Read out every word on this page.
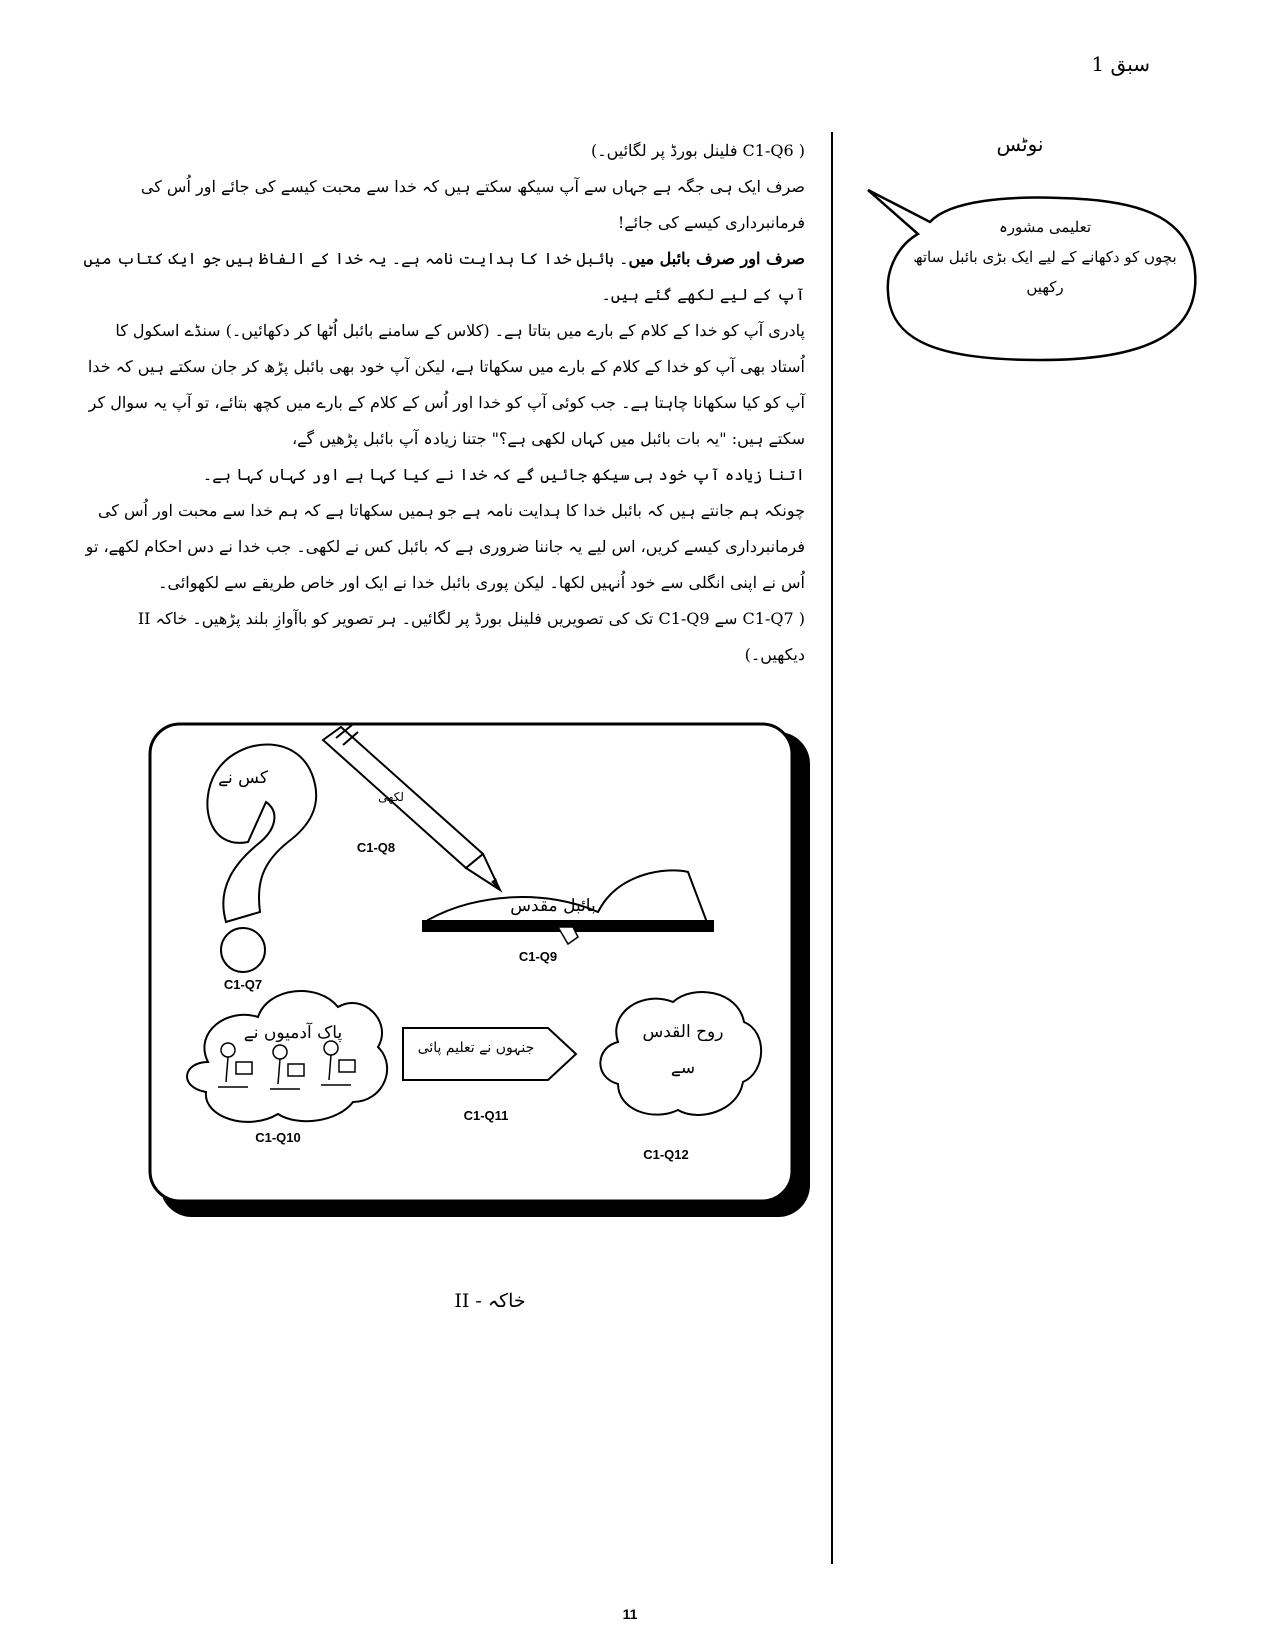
سبق 1

( C1-Q6 فلینل بورڈ پر لگائیں۔)

صرف ایک ہی جگہ ہے جہاں سے آپ سیکھ سکتے ہیں کہ خدا سے محبت کیسے کی جائے اور اُس کی فرمانبرداری کیسے کی جائے!

صرف اور صرف بائبل میں۔ بائبل خدا کا ہدایت نامہ ہے۔ یہ خدا کے الفاظ ہیں جو ایک کتاب میں آپ کے لیے لکھے گئے ہیں۔

پادری آپ کو خدا کے کلام کے بارے میں بتاتا ہے۔ (کلاس کے سامنے بائبل اُٹھا کر دکھائیں۔) سنڈے اسکول کا اُستاد بھی آپ کو خدا کے کلام کے بارے میں سکھاتا ہے، لیکن آپ خود بھی بائبل پڑھ کر جان سکتے ہیں کہ خدا آپ کو کیا سکھانا چاہتا ہے۔ جب کوئی آپ کو خدا اور اُس کے کلام کے بارے میں کچھ بتائے، تو آپ یہ سوال کر سکتے ہیں: "یہ بات بائبل میں کہاں لکھی ہے؟" جتنا زیادہ آپ بائبل پڑھیں گے،

اتنا زیادہ آپ خود ہی سیکھ جائیں گے کہ خدا نے کیا کہا ہے اور کہاں کہا ہے۔

چونکہ ہم جانتے ہیں کہ بائبل خدا کا ہدایت نامہ ہے جو ہمیں سکھاتا ہے کہ ہم خدا سے محبت اور اُس کی فرمانبرداری کیسے کریں، اس لیے یہ جاننا ضروری ہے کہ بائبل کس نے لکھی۔ جب خدا نے دس احکام لکھے، تو اُس نے اپنی انگلی سے خود اُنہیں لکھا۔ لیکن پوری بائبل خدا نے ایک اور خاص طریقے سے لکھوائی۔

( C1-Q7 سے C1-Q9 تک کی تصویریں فلینل بورڈ پر لگائیں۔ ہر تصویر کو باآوازِ بلند پڑھیں۔ خاکہ II دیکھیں۔)

نوٹس
تعلیمی مشورہ
بچوں کو دکھانے کے لیے ایک بڑی بائبل ساتھ رکھیں
کس نے
لکھی
بائبل مقدس
پاک آدمیوں نے
جنہوں نے تعلیم پائی
روح القدس
سے
C1-Q7
C1-Q8
C1-Q9
C1-Q10
C1-Q11
C1-Q12
خاکہ - II
11
